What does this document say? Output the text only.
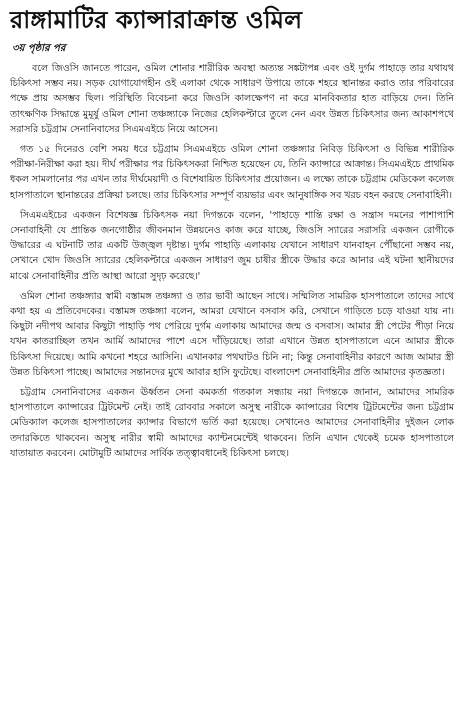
রাঙ্গামাটির ক্যান্সারাক্রান্ত ওমিল
৩য় পৃষ্ঠার পর

বলে জিওসি জানতে পারেন, ওমিল শোনার শারীরিক অবস্থা অত্যন্ত সঙ্কটাপন্ন এবং ওই দুর্গম পাহাড়ে তার যথাযথ চিকিৎসা সম্ভব নয়। সড়ক যোগাযোগহীন ওই এলাকা থেকে সাধারণ উপায়ে তাকে শহরে স্থানান্তর করাও তার পরিবারের পক্ষে প্রায় অসম্ভব ছিল। পরিস্থিতি বিবেচনা করে জিওসি কালক্ষেপণ না করে মানবিকতার হাত বাড়িয়ে দেন। তিনি তাৎক্ষণিক সিদ্ধান্তে মুমূর্ষু ওমিল শোনা তঞ্চঙ্গ্যাকে নিজের হেলিকপ্টারে তুলে নেন এবং উন্নত চিকিৎসার জন্য আকাশপথে সরাসরি চট্টগ্রাম সেনানিবাসের সিএমএইচে নিয়ে আসেন।

গত ১৫ দিনেরও বেশি সময় ধরে চট্টগ্রাম সিএমএইচে ওমিল শোনা তঞ্চঙ্গ্যার নিবিড় চিকিৎসা ও বিভিন্ন শারীরিক পরীক্ষা-নিরীক্ষা করা হয়। দীর্ঘ পরীক্ষার পর চিকিৎসকরা নিশ্চিত হয়েছেন যে, তিনি ক্যান্সারে আক্রান্ত। সিএমএইচে প্রাথমিক ধকল সামলানোর পর এখন তার দীর্ঘমেয়াদী ও বিশেষায়িত চিকিৎসার প্রয়োজন। এ লক্ষ্যে তাকে চট্টগ্রাম মেডিকেল কলেজ হাসপাতালে স্থানান্তরের প্রক্রিয়া চলছে। তার চিকিৎসার সম্পূর্ণ ব্যয়ভার এবং আনুষাঙ্গিক সব খরচ বহন করছে সেনাবাহিনী।

সিএমএইচের একজন বিশেষজ্ঞ চিকিৎসক নয়া দিগন্তকে বলেন, 'পাহাড়ে শান্তি রক্ষা ও সন্ত্রাস দমনের পাশাপাশি সেনাবাহিনী যে প্রান্তিক জনগোষ্ঠীর জীবনমান উন্নয়নেও কাজ করে যাচ্ছে, জিওসি স্যারের সরাসরি একজন রোগীকে উদ্ধারের এ ঘটনাটি তার একটি উজ্জ্বল দৃষ্টান্ত। দুর্গম পাহাড়ি এলাকায় যেখানে সাধারণ যানবাহন পৌঁছানো সম্ভব নয়, সেখানে খোদ জিওসি স্যারের হেলিকপ্টারে একজন সাধারণ জুম চাষীর স্ত্রীকে উদ্ধার করে আনার এই ঘটনা স্থানীয়দের মাঝে সেনাবাহিনীর প্রতি আস্থা আরো সুদৃঢ় করেছে।'

ওমিল শোনা তঞ্চঙ্গ্যার স্বামী বস্তামঙ্গ তঞ্চঙ্গ্যা ও তার ভাবী আছেন সাথে। সম্মিলিত সামরিক হাসপাতালে তাদের সাথে কথা হয় এ প্রতিবেদকের। বস্তামঙ্গ তঞ্চঙ্গ্যা বলেন, আমরা যেখানে বসবাস করি, সেখানে গাড়িতে চড়ে যাওয়া যায় না। কিছুটা নদীপথ আবার কিছুটা পাহাড়ি পথ পেরিয়ে দুর্গম এলাকায় আমাদের জন্ম ও বসবাস। আমার স্ত্রী পেটের পীড়া নিয়ে যখন কাতরাচ্ছিল তখন আর্মি আমাদের পাশে এসে দাঁড়িয়েছে। তারা এখানে উন্নত হাসপাতালে এনে আমার স্ত্রীকে চিকিৎসা দিয়েছে। আমি কখনো শহরে আসিনি। এখানকার পথঘাটও চিনি না; কিন্তু সেনাবাহিনীর কারণে আজ আমার স্ত্রী উন্নত চিকিৎসা পাচ্ছে। আমাদের সন্তানদের মুখে আবার হাসি ফুটেছে। বাংলাদেশ সেনাবাহিনীর প্রতি আমাদের কৃতজ্ঞতা।

চট্টগ্রাম সেনানিবাসের একজন ঊর্ধ্বতন সেনা কমকর্তা গতকাল সন্ধ্যায় নয়া দিগন্তকে জানান, আমাদের সামরিক হাসপাতালে ক্যান্সারের ট্রিটমেন্ট নেই। তাই রোববার সকালে অসুস্থ নারীকে ক্যান্সারের বিশেষ ট্রিটমেন্টের জন্য চট্টগ্রাম মেডিক্যাল কলেজ হাসপাতালের ক্যান্সার বিভাগে ভর্তি করা হয়েছে। সেখানেও আমাদের সেনাবাহিনীর দুইজন লোক তদারকিতে থাকবেন। অসুস্থ নারীর স্বামী আমাদের ক্যান্টনমেন্টেই থাকবেন। তিনি এখান থেকেই চমেক হাসপাতালে যাতায়াত করবেন। মোটামুটি আমাদের সার্বিক তত্ত্বাবধানেই চিকিৎসা চলছে।
